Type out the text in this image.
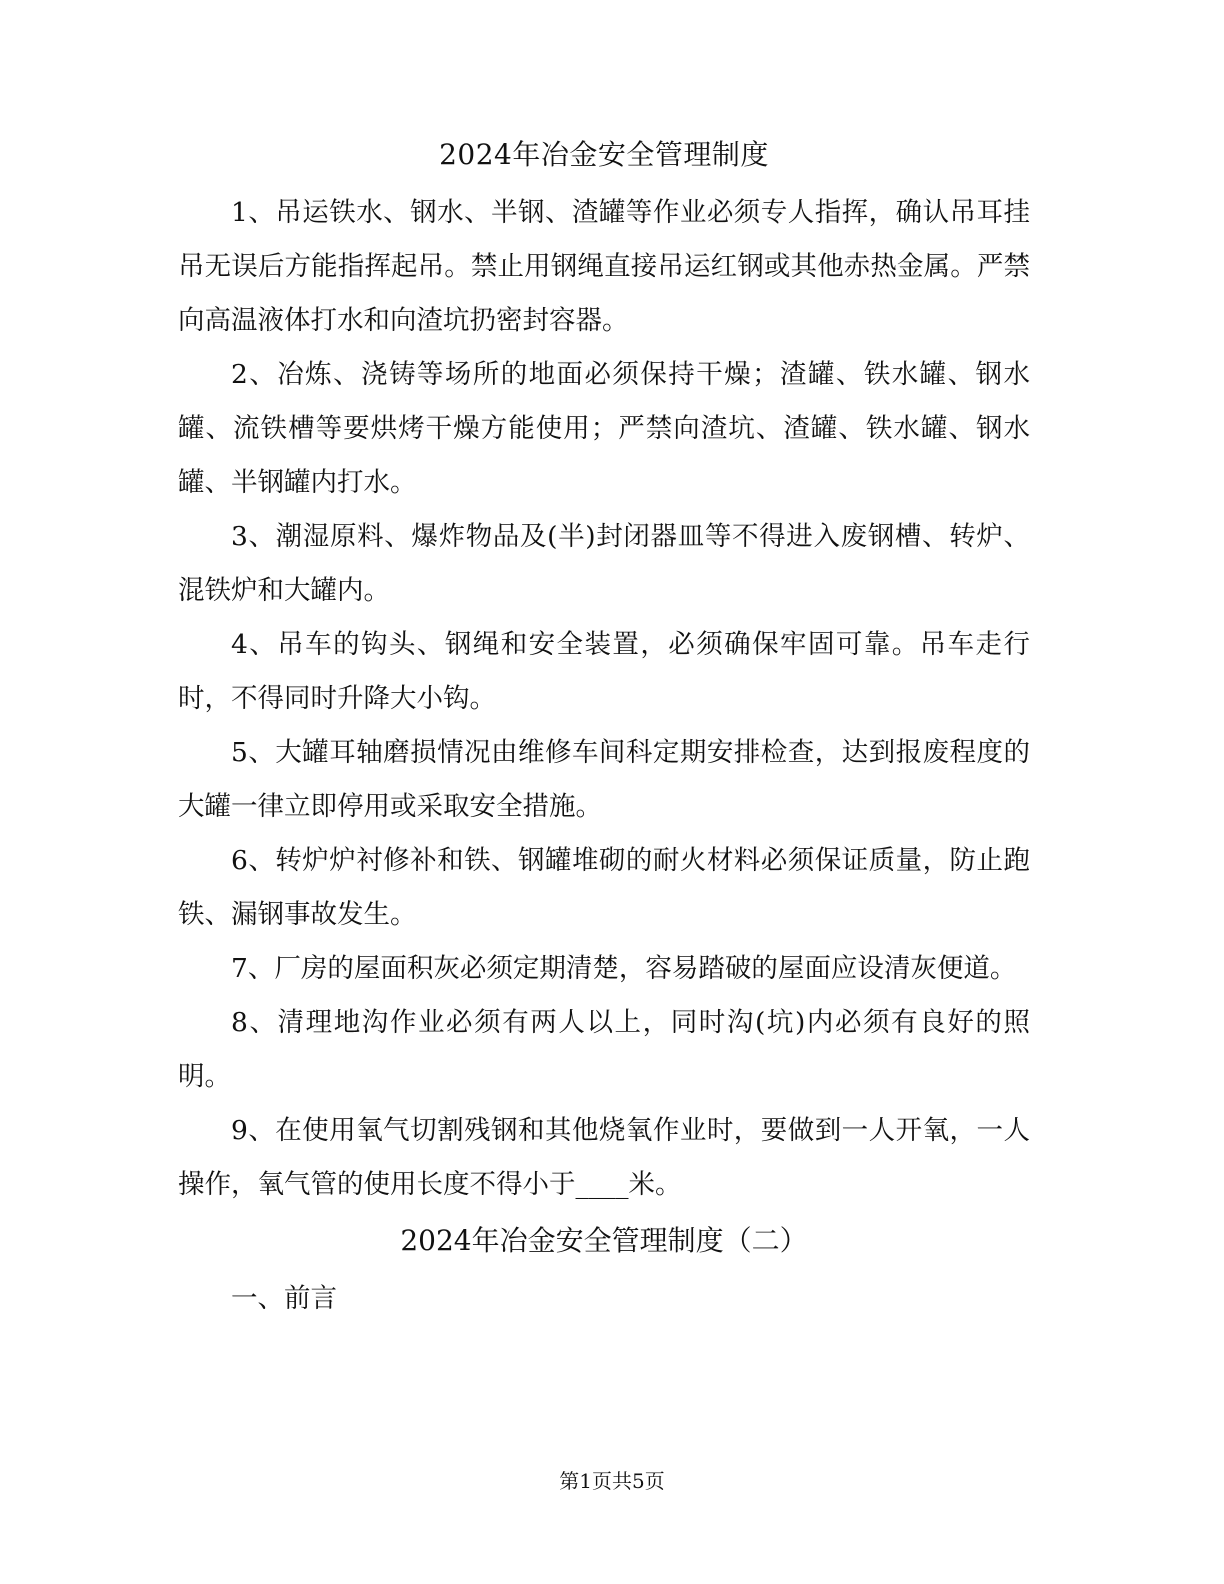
2024年冶金安全管理制度

1、吊运铁水、钢水、半钢、渣罐等作业必须专人指挥，确认吊耳挂吊无误后方能指挥起吊。禁止用钢绳直接吊运红钢或其他赤热金属。严禁向高温液体打水和向渣坑扔密封容器。

2、冶炼、浇铸等场所的地面必须保持干燥；渣罐、铁水罐、钢水罐、流铁槽等要烘烤干燥方能使用；严禁向渣坑、渣罐、铁水罐、钢水罐、半钢罐内打水。

3、潮湿原料、爆炸物品及(半)封闭器皿等不得进入废钢槽、转炉、混铁炉和大罐内。

4、吊车的钩头、钢绳和安全装置，必须确保牢固可靠。吊车走行时，不得同时升降大小钩。

5、大罐耳轴磨损情况由维修车间科定期安排检查，达到报废程度的大罐一律立即停用或采取安全措施。

6、转炉炉衬修补和铁、钢罐堆砌的耐火材料必须保证质量，防止跑铁、漏钢事故发生。

7、厂房的屋面积灰必须定期清楚，容易踏破的屋面应设清灰便道。

8、清理地沟作业必须有两人以上，同时沟(坑)内必须有良好的照明。

9、在使用氧气切割残钢和其他烧氧作业时，要做到一人开氧，一人操作，氧气管的使用长度不得小于____米。

2024年冶金安全管理制度（二）

一、前言

第1页共5页
